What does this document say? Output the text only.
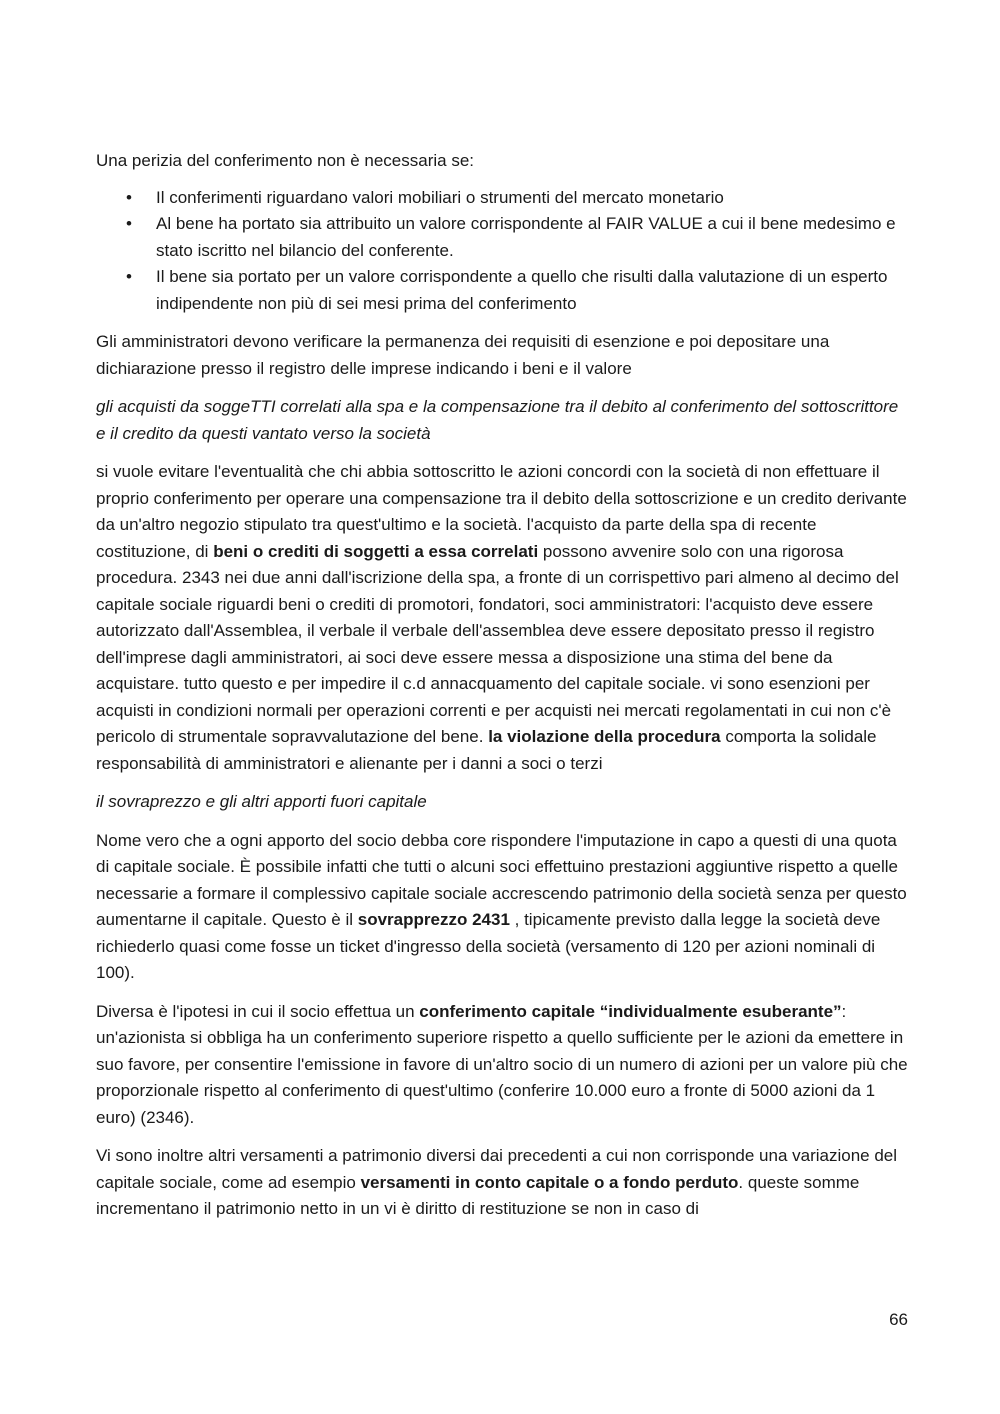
Una perizia del conferimento non è necessaria se:

• Il conferimenti riguardano valori mobiliari o strumenti del mercato monetario
• Al bene ha portato sia attribuito un valore corrispondente al FAIR VALUE a cui il bene medesimo e stato iscritto nel bilancio del conferente.
• Il bene sia portato per un valore corrispondente a quello che risulti dalla valutazione di un esperto indipendente non più di sei mesi prima del conferimento

Gli amministratori devono verificare la permanenza dei requisiti di esenzione e poi depositare una dichiarazione presso il registro delle imprese indicando i beni e il valore

gli acquisti da soggeTTI correlati alla spa e la compensazione tra il debito al conferimento del sottoscrittore e il credito da questi vantato verso la società

si vuole evitare l'eventualità che chi abbia sottoscritto le azioni concordi con la società di non effettuare il proprio conferimento per operare una compensazione tra il debito della sottoscrizione e un credito derivante da un'altro negozio stipulato tra quest'ultimo e la società. l'acquisto da parte della spa di recente costituzione, di beni o crediti di soggetti a essa correlati possono avvenire solo con una rigorosa procedura. 2343 nei due anni dall'iscrizione della spa, a fronte di un corrispettivo pari almeno al decimo del capitale sociale riguardi beni o crediti di promotori, fondatori, soci amministratori: l'acquisto deve essere autorizzato dall'Assemblea, il verbale il verbale dell'assemblea deve essere depositato presso il registro dell'imprese dagli amministratori, ai soci deve essere messa a disposizione una stima del bene da acquistare. tutto questo e per impedire il c.d annacquamento del capitale sociale. vi sono esenzioni per acquisti in condizioni normali per operazioni correnti e per acquisti nei mercati regolamentati in cui non c'è pericolo di strumentale sopravvalutazione del bene. la violazione della procedura comporta la solidale responsabilità di amministratori e alienante per i danni a soci o terzi

il sovraprezzo e gli altri apporti fuori capitale

Nome vero che a ogni apporto del socio debba core rispondere l'imputazione in capo a questi di una quota di capitale sociale. È possibile infatti che tutti o alcuni soci effettuino prestazioni aggiuntive rispetto a quelle necessarie a formare il complessivo capitale sociale accrescendo patrimonio della società senza per questo aumentarne il capitale. Questo è il sovrapprezzo 2431 , tipicamente previsto dalla legge la società deve richiederlo quasi come fosse un ticket d'ingresso della società (versamento di 120 per azioni nominali di 100).

Diversa è l'ipotesi in cui il socio effettua un conferimento capitale “individualmente esuberante”: un'azionista si obbliga ha un conferimento superiore rispetto a quello sufficiente per le azioni da emettere in suo favore, per consentire l'emissione in favore di un'altro socio di un numero di azioni per un valore più che proporzionale rispetto al conferimento di quest'ultimo (conferire 10.000 euro a fronte di 5000 azioni da 1 euro) (2346).

Vi sono inoltre altri versamenti a patrimonio diversi dai precedenti a cui non corrisponde una variazione del capitale sociale, come ad esempio versamenti in conto capitale o a fondo perduto. queste somme incrementano il patrimonio netto in un vi è diritto di restituzione se non in caso di

66
